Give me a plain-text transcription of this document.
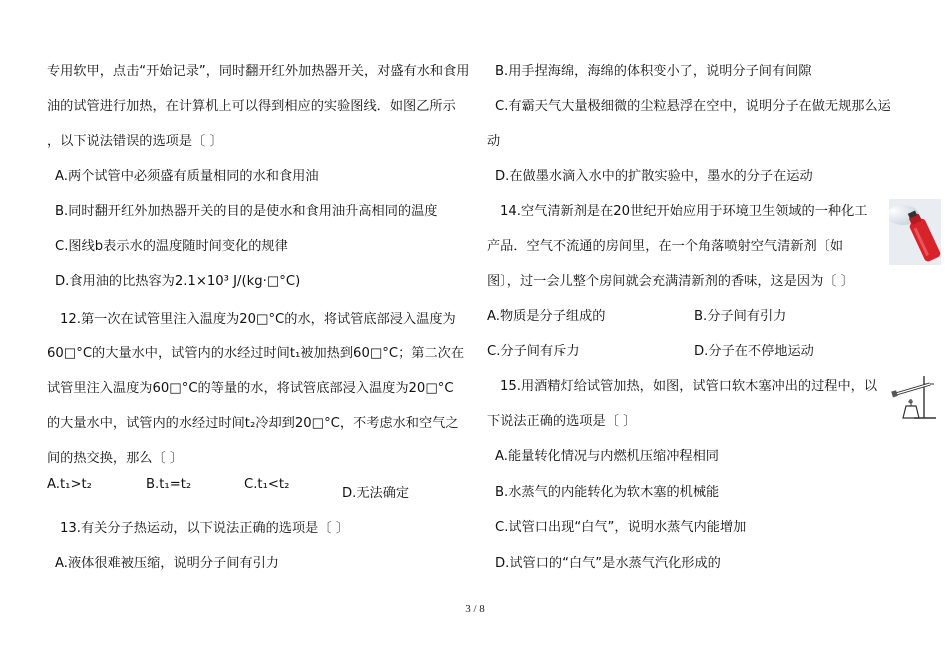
专用软甲，点击“开始记录”，同时翻开红外加热器开关，对盛有水和食用
油的试管进行加热，在计算机上可以得到相应的实验图线．如图乙所示
，以下说法错误的选项是〔 〕
A.两个试管中必须盛有质量相同的水和食用油
B.同时翻开红外加热器开关的目的是使水和食用油升高相同的温度
C.图线b表示水的温度随时间变化的规律
D.食用油的比热容为2.1×10³ J/(kg·□°C)
12.第一次在试管里注入温度为20□°C的水，将试管底部浸入温度为
60□°C的大量水中，试管内的水经过时间t₁被加热到60□°C；第二次在
试管里注入温度为60□°C的等量的水，将试管底部浸入温度为20□°C
的大量水中，试管内的水经过时间t₂冷却到20□°C，不考虑水和空气之
间的热交换，那么〔 〕
A.t₁>t₂	B.t₁=t₂	C.t₁<t₂
D.无法确定
13.有关分子热运动，以下说法正确的选项是〔 〕
A.液体很难被压缩，说明分子间有引力
B.用手捏海绵，海绵的体积变小了，说明分子间有间隙
C.有霸天气大量极细微的尘粒悬浮在空中，说明分子在做无规那么运
动
D.在做墨水滴入水中的扩散实验中，墨水的分子在运动
14.空气清新剂是在20世纪开始应用于环境卫生领域的一种化工
产品．空气不流通的房间里，在一个角落喷射空气清新剂〔如
图〕，过一会儿整个房间就会充满清新剂的香味，这是因为〔 〕
A.物质是分子组成的	B.分子间有引力
C.分子间有斥力	D.分子在不停地运动
15.用酒精灯给试管加热，如图，试管口软木塞冲出的过程中，以
下说法正确的选项是〔 〕
A.能量转化情况与内燃机压缩冲程相同
B.水蒸气的内能转化为软木塞的机械能
C.试管口出现“白气”，说明水蒸气内能增加
D.试管口的“白气”是水蒸气汽化形成的
3 / 8
